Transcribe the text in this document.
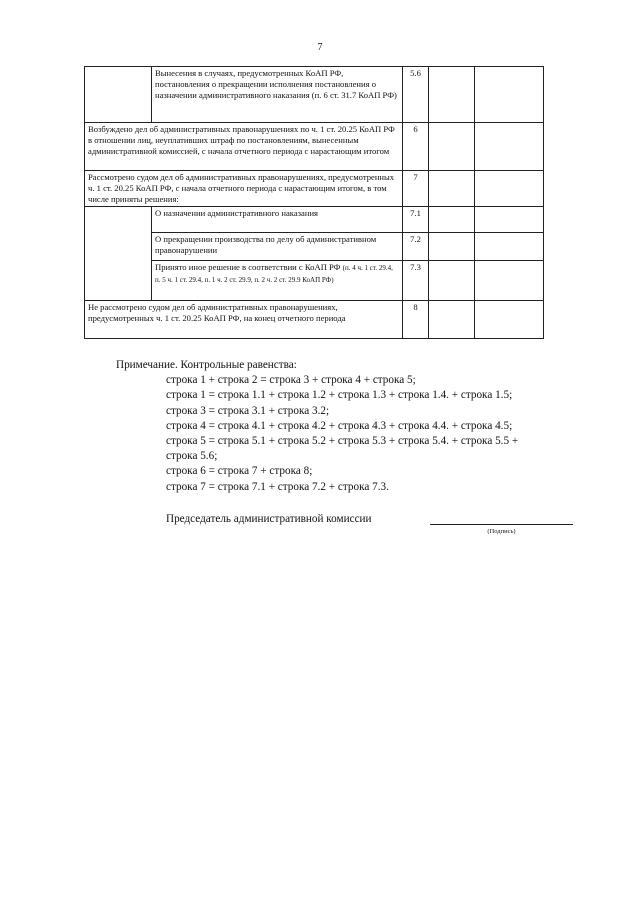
7
	Вынесения в случаях, предусмотренных КоАП РФ, постановления о прекращении исполнения постановления о назначении административного наказания (п. 6 ст. 31.7 КоАП РФ)	5.6		
Возбуждено дел об административных правонарушениях по ч. 1 ст. 20.25 КоАП РФ в отношении лиц, неуплативших штраф по постановлениям, вынесенным административной комиссией, с начала отчетного периода с нарастающим итогом		6		
Рассмотрено судом дел об административных правонарушениях, предусмотренных ч. 1 ст. 20.25 КоАП РФ, с начала отчетного периода с нарастающим итогом, в том числе приняты решения:		7		
	О назначении административного наказания	7.1		
	О прекращении производства по делу об административном правонарушении	7.2		
	Принято иное решение в соответствии с КоАП РФ (п. 4 ч. 1 ст. 29.4, п. 5 ч. 1 ст. 29.4, п. 1 ч. 2 ст. 29.9, п. 2 ч. 2 ст. 29.9 КоАП РФ)	7.3		
Не рассмотрено судом дел об административных правонарушениях, предусмотренных ч. 1 ст. 20.25 КоАП РФ, на конец отчетного периода		8		
Примечание. Контрольные равенства:
строка 1 + строка 2 = строка 3 + строка 4 + строка 5;
строка 1 = строка 1.1 + строка 1.2 + строка 1.3 + строка 1.4. + строка 1.5;
строка 3 = строка 3.1 + строка 3.2;
строка 4 = строка 4.1 + строка 4.2 + строка 4.3 + строка 4.4. + строка 4.5;
строка 5 = строка 5.1 + строка 5.2 + строка 5.3 + строка 5.4. + строка 5.5 +
строка 5.6;
строка 6 = строка 7 + строка 8;
строка 7 = строка 7.1 + строка 7.2 + строка 7.3.
Председатель административной комиссии
(Подпись)
